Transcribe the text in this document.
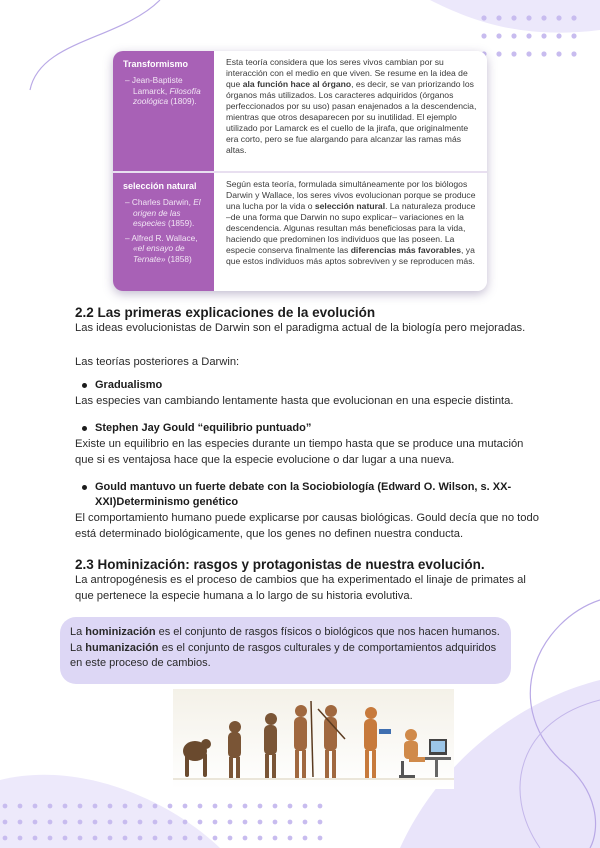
Transformismo
– Jean-Baptiste Lamarck, Filosofía zoológica (1809).
Esta teoría considera que los seres vivos cambian por su interacción con el medio en que viven. Se resume en la idea de que ala función hace al órgano, es decir, se van priorizando los órganos más utilizados. Los caracteres adquiridos (órganos perfeccionados por su uso) pasan enajenados a la descendencia, mientras que otros desaparecen por su inutilidad. El ejemplo utilizado por Lamarck es el cuello de la jirafa, que originalmente era corto, pero se fue alargando para alcanzar las ramas más altas.
selección natural
– Charles Darwin, El origen de las especies (1859).
– Alfred R. Wallace, «el ensayo de Ternate» (1858)
Según esta teoría, formulada simultáneamente por los biólogos Darwin y Wallace, los seres vivos evolucionan porque se produce una lucha por la vida o selección natural. La naturaleza produce –de una forma que Darwin no supo explicar– variaciones en la descendencia. Algunas resultan más beneficiosas para la vida, haciendo que predominen los individuos que las poseen. La especie conserva finalmente las diferencias más favorables, ya que estos individuos más aptos sobreviven y se reproducen más.
2.2 Las primeras explicaciones de la evolución

Las ideas evolucionistas de Darwin son el paradigma actual de la biología pero mejoradas.

Las teorías posteriores a Darwin:

Gradualismo

Las especies van cambiando lentamente hasta que evolucionan en una especie distinta.

Stephen Jay Gould “equilibrio puntuado”

Existe un equilibrio en las especies durante un tiempo hasta que se produce una mutación que si es ventajosa hace que la especie evolucione o dar lugar a una nueva.

Gould mantuvo un fuerte debate con la Sociobiología (Edward O. Wilson, s. XX-XXI)Determinismo genético

El comportamiento humano puede explicarse por causas biológicas. Gould decía que no todo está determinado biológicamente, que los genes no definen nuestra conducta.

2.3 Hominización: rasgos y protagonistas de nuestra evolución.

La antropogénesis es el proceso de cambios que ha experimentado el linaje de primates al que pertenece la especie humana a lo largo de su historia evolutiva.

La hominización es el conjunto de rasgos físicos o biológicos que nos hacen humanos.
La humanización es el conjunto de rasgos culturales y de comportamientos adquiridos en este proceso de cambios.
